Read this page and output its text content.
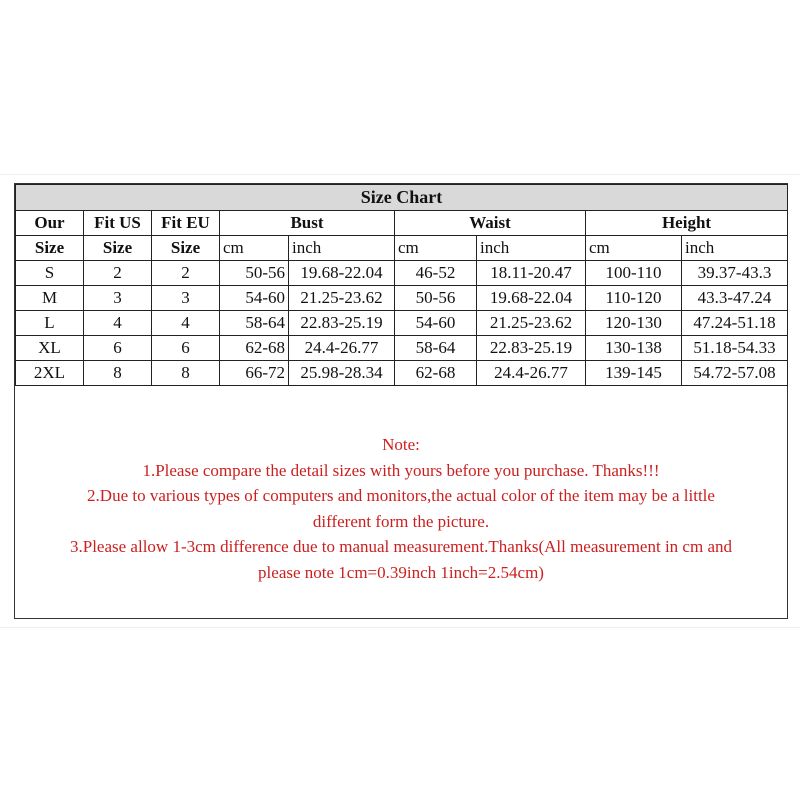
Size Chart								
Our	Fit US	Fit EU	Bust		Waist		Height	
Size	Size	Size	cm	inch	cm	inch	cm	inch
S	2	2	50-56	19.68-22.04	46-52	18.11-20.47	100-110	39.37-43.3
M	3	3	54-60	21.25-23.62	50-56	19.68-22.04	110-120	43.3-47.24
L	4	4	58-64	22.83-25.19	54-60	21.25-23.62	120-130	47.24-51.18
XL	6	6	62-68	24.4-26.77	58-64	22.83-25.19	130-138	51.18-54.33
2XL	8	8	66-72	25.98-28.34	62-68	24.4-26.77	139-145	54.72-57.08
Note:
1.Please compare the detail sizes with yours before you purchase. Thanks!!!
2.Due to various types of computers and monitors,the actual color of the item may be a little
different form the picture.
3.Please allow 1-3cm difference due to manual measurement.Thanks(All measurement in cm and
please note 1cm=0.39inch 1inch=2.54cm)
